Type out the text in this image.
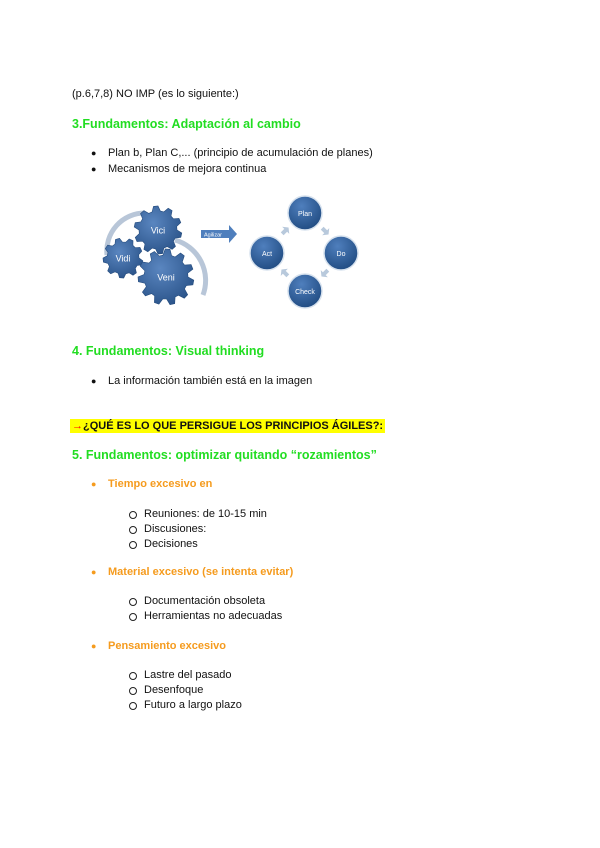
(p.6,7,8) NO IMP (es lo siguiente:)
3.Fundamentos: Adaptación al cambio
● Plan b, Plan C,... (principio de acumulación de planes)
● Mecanismos de mejora continua
Vici
Vidi
Veni
Agilizar
Plan
Do
Check
Act
4. Fundamentos: Visual thinking
● La información también está en la imagen
→¿QUÉ ES LO QUE PERSIGUE LOS PRINCIPIOS ÁGILES?:
5. Fundamentos: optimizar quitando “rozamientos”
● Tiempo excesivo en
Reuniones: de 10-15 min
Discusiones:
Decisiones
● Material excesivo (se intenta evitar)
Documentación obsoleta
Herramientas no adecuadas
● Pensamiento excesivo
Lastre del pasado
Desenfoque
Futuro a largo plazo
